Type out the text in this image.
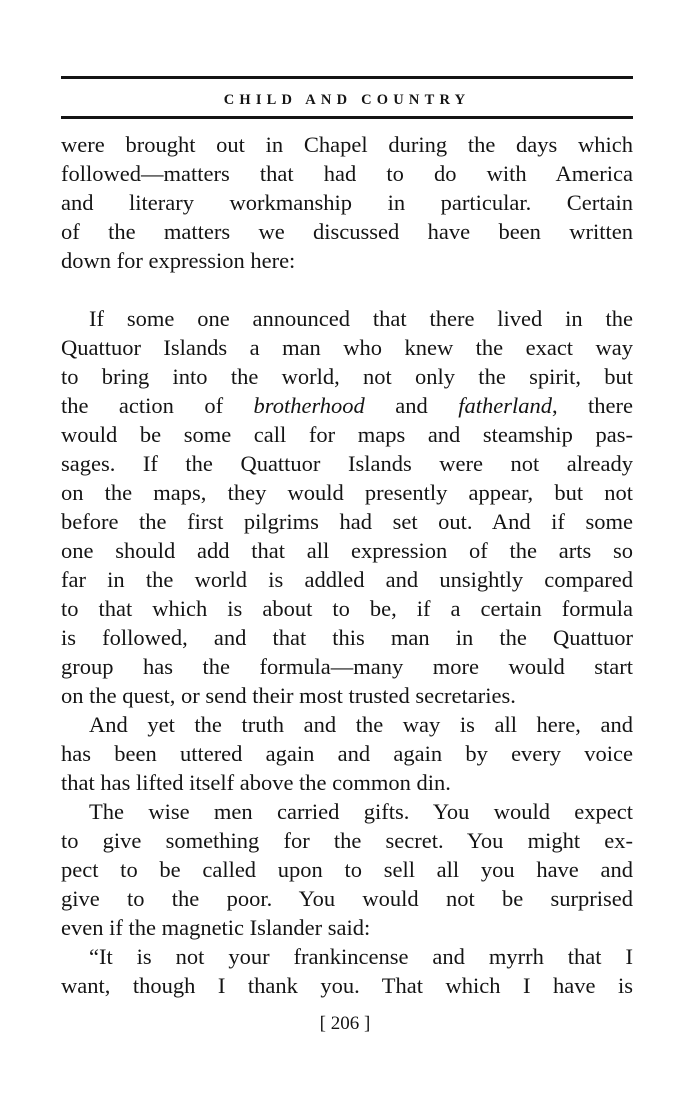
CHILD AND COUNTRY

were brought out in Chapel during the days which
followed—matters that had to do with America
and literary workmanship in particular. Certain
of the matters we discussed have been written
down for expression here:

If some one announced that there lived in the
Quattuor Islands a man who knew the exact way
to bring into the world, not only the spirit, but
the action of brotherhood and fatherland, there
would be some call for maps and steamship pas-
sages. If the Quattuor Islands were not already
on the maps, they would presently appear, but not
before the first pilgrims had set out. And if some
one should add that all expression of the arts so
far in the world is addled and unsightly compared
to that which is about to be, if a certain formula
is followed, and that this man in the Quattuor
group has the formula—many more would start
on the quest, or send their most trusted secretaries.

And yet the truth and the way is all here, and
has been uttered again and again by every voice
that has lifted itself above the common din.

The wise men carried gifts. You would expect
to give something for the secret. You might ex-
pect to be called upon to sell all you have and
give to the poor. You would not be surprised
even if the magnetic Islander said:

“It is not your frankincense and myrrh that I
want, though I thank you. That which I have is

[ 206 ]
